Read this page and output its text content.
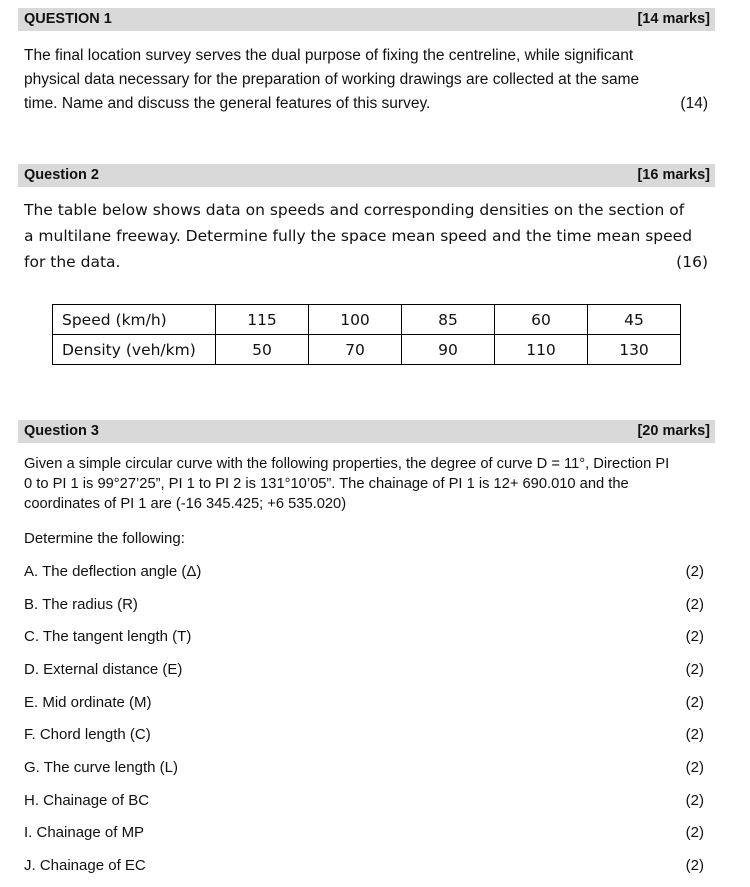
QUESTION 1	[14 marks]
The final location survey serves the dual purpose of fixing the centreline, while significant
physical data necessary for the preparation of working drawings are collected at the same
time. Name and discuss the general features of this survey.	(14)
Question 2	[16 marks]
The table below shows data on speeds and corresponding densities on the section of
a multilane freeway. Determine fully the space mean speed and the time mean speed
for the data.	(16)
Speed (km/h)	115	100	85	60	45
Density (veh/km)	50	70	90	110	130
Question 3	[20 marks]
Given a simple circular curve with the following properties, the degree of curve D = 11°, Direction PI
0 to PI 1 is 99°27’25”, PI 1 to PI 2 is 131°10’05”. The chainage of PI 1 is 12+ 690.010 and the
coordinates of PI 1 are (-16 345.425; +6 535.020)
Determine the following:
A. The deflection angle (Δ)	(2)
B. The radius (R)	(2)
C. The tangent length (T)	(2)
D. External distance (E)	(2)
E. Mid ordinate (M)	(2)
F. Chord length (C)	(2)
G. The curve length (L)	(2)
H. Chainage of BC	(2)
I. Chainage of MP	(2)
J. Chainage of EC	(2)
